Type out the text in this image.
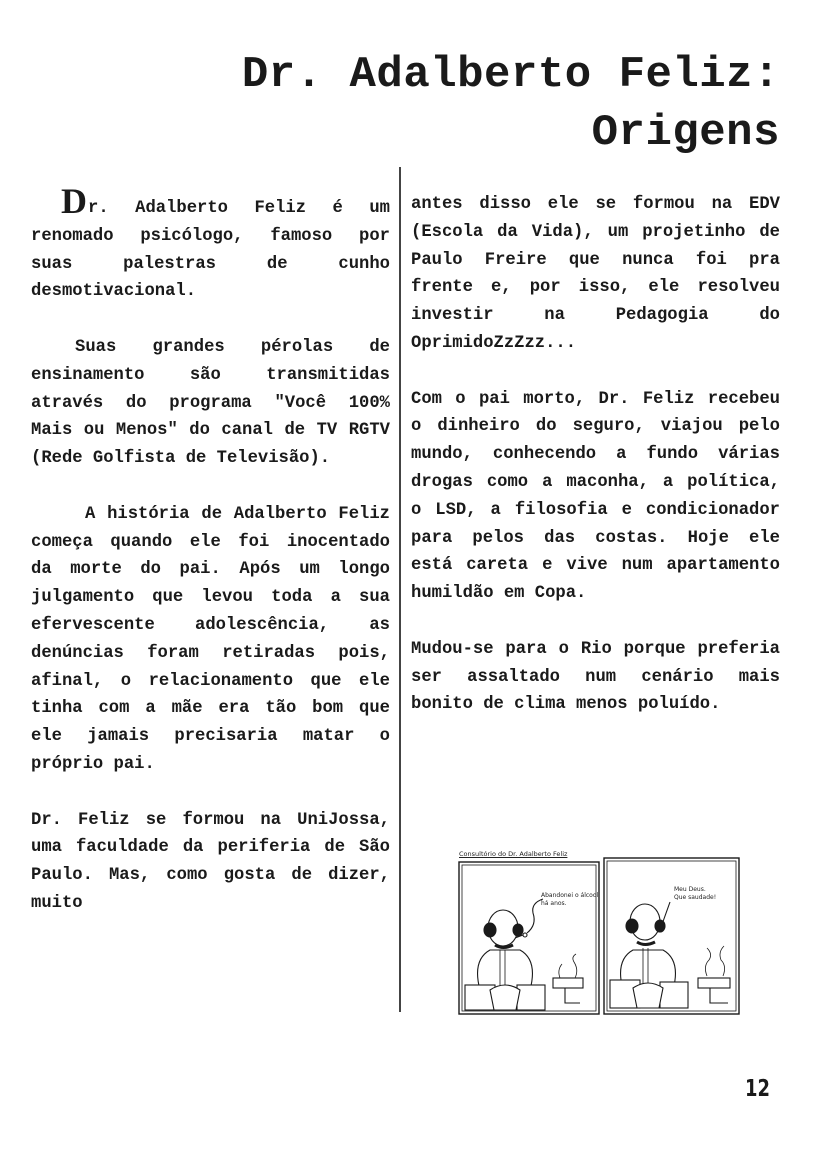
Dr. Adalberto Feliz:
Origens

Dr. Adalberto Feliz é um renomado psicólogo, famoso por suas palestras de cunho desmotivacional.

Suas grandes pérolas de ensinamento são transmitidas através do programa "Você 100% Mais ou Menos" do canal de TV RGTV (Rede Golfista de Televisão).

A história de Adalberto Feliz começa quando ele foi inocentado da morte do pai. Após um longo julgamento que levou toda a sua efervescente adolescência, as denúncias foram retiradas pois, afinal, o relacionamento que ele tinha com a mãe era tão bom que ele jamais precisaria matar o próprio pai.

Dr. Feliz se formou na UniJossa, uma faculdade da periferia de São Paulo. Mas, como gosta de dizer, muito

antes disso ele se formou na EDV (Escola da Vida), um projetinho de Paulo Freire que nunca foi pra frente e, por isso, ele resolveu investir na Pedagogia do OprimidoZzZzz...

Com o pai morto, Dr. Feliz recebeu o dinheiro do seguro, viajou pelo mundo, conhecendo a fundo várias drogas como a maconha, a política, o LSD, a filosofia e condicionador para pelos das costas. Hoje ele está careta e vive num apartamento humildão em Copa.

Mudou-se para o Rio porque preferia ser assaltado num cenário mais bonito de clima menos poluído.

Consultório do Dr. Adalberto Feliz
Abandonei o álcool
há anos.
Meu Deus.
Que saudade!
12
